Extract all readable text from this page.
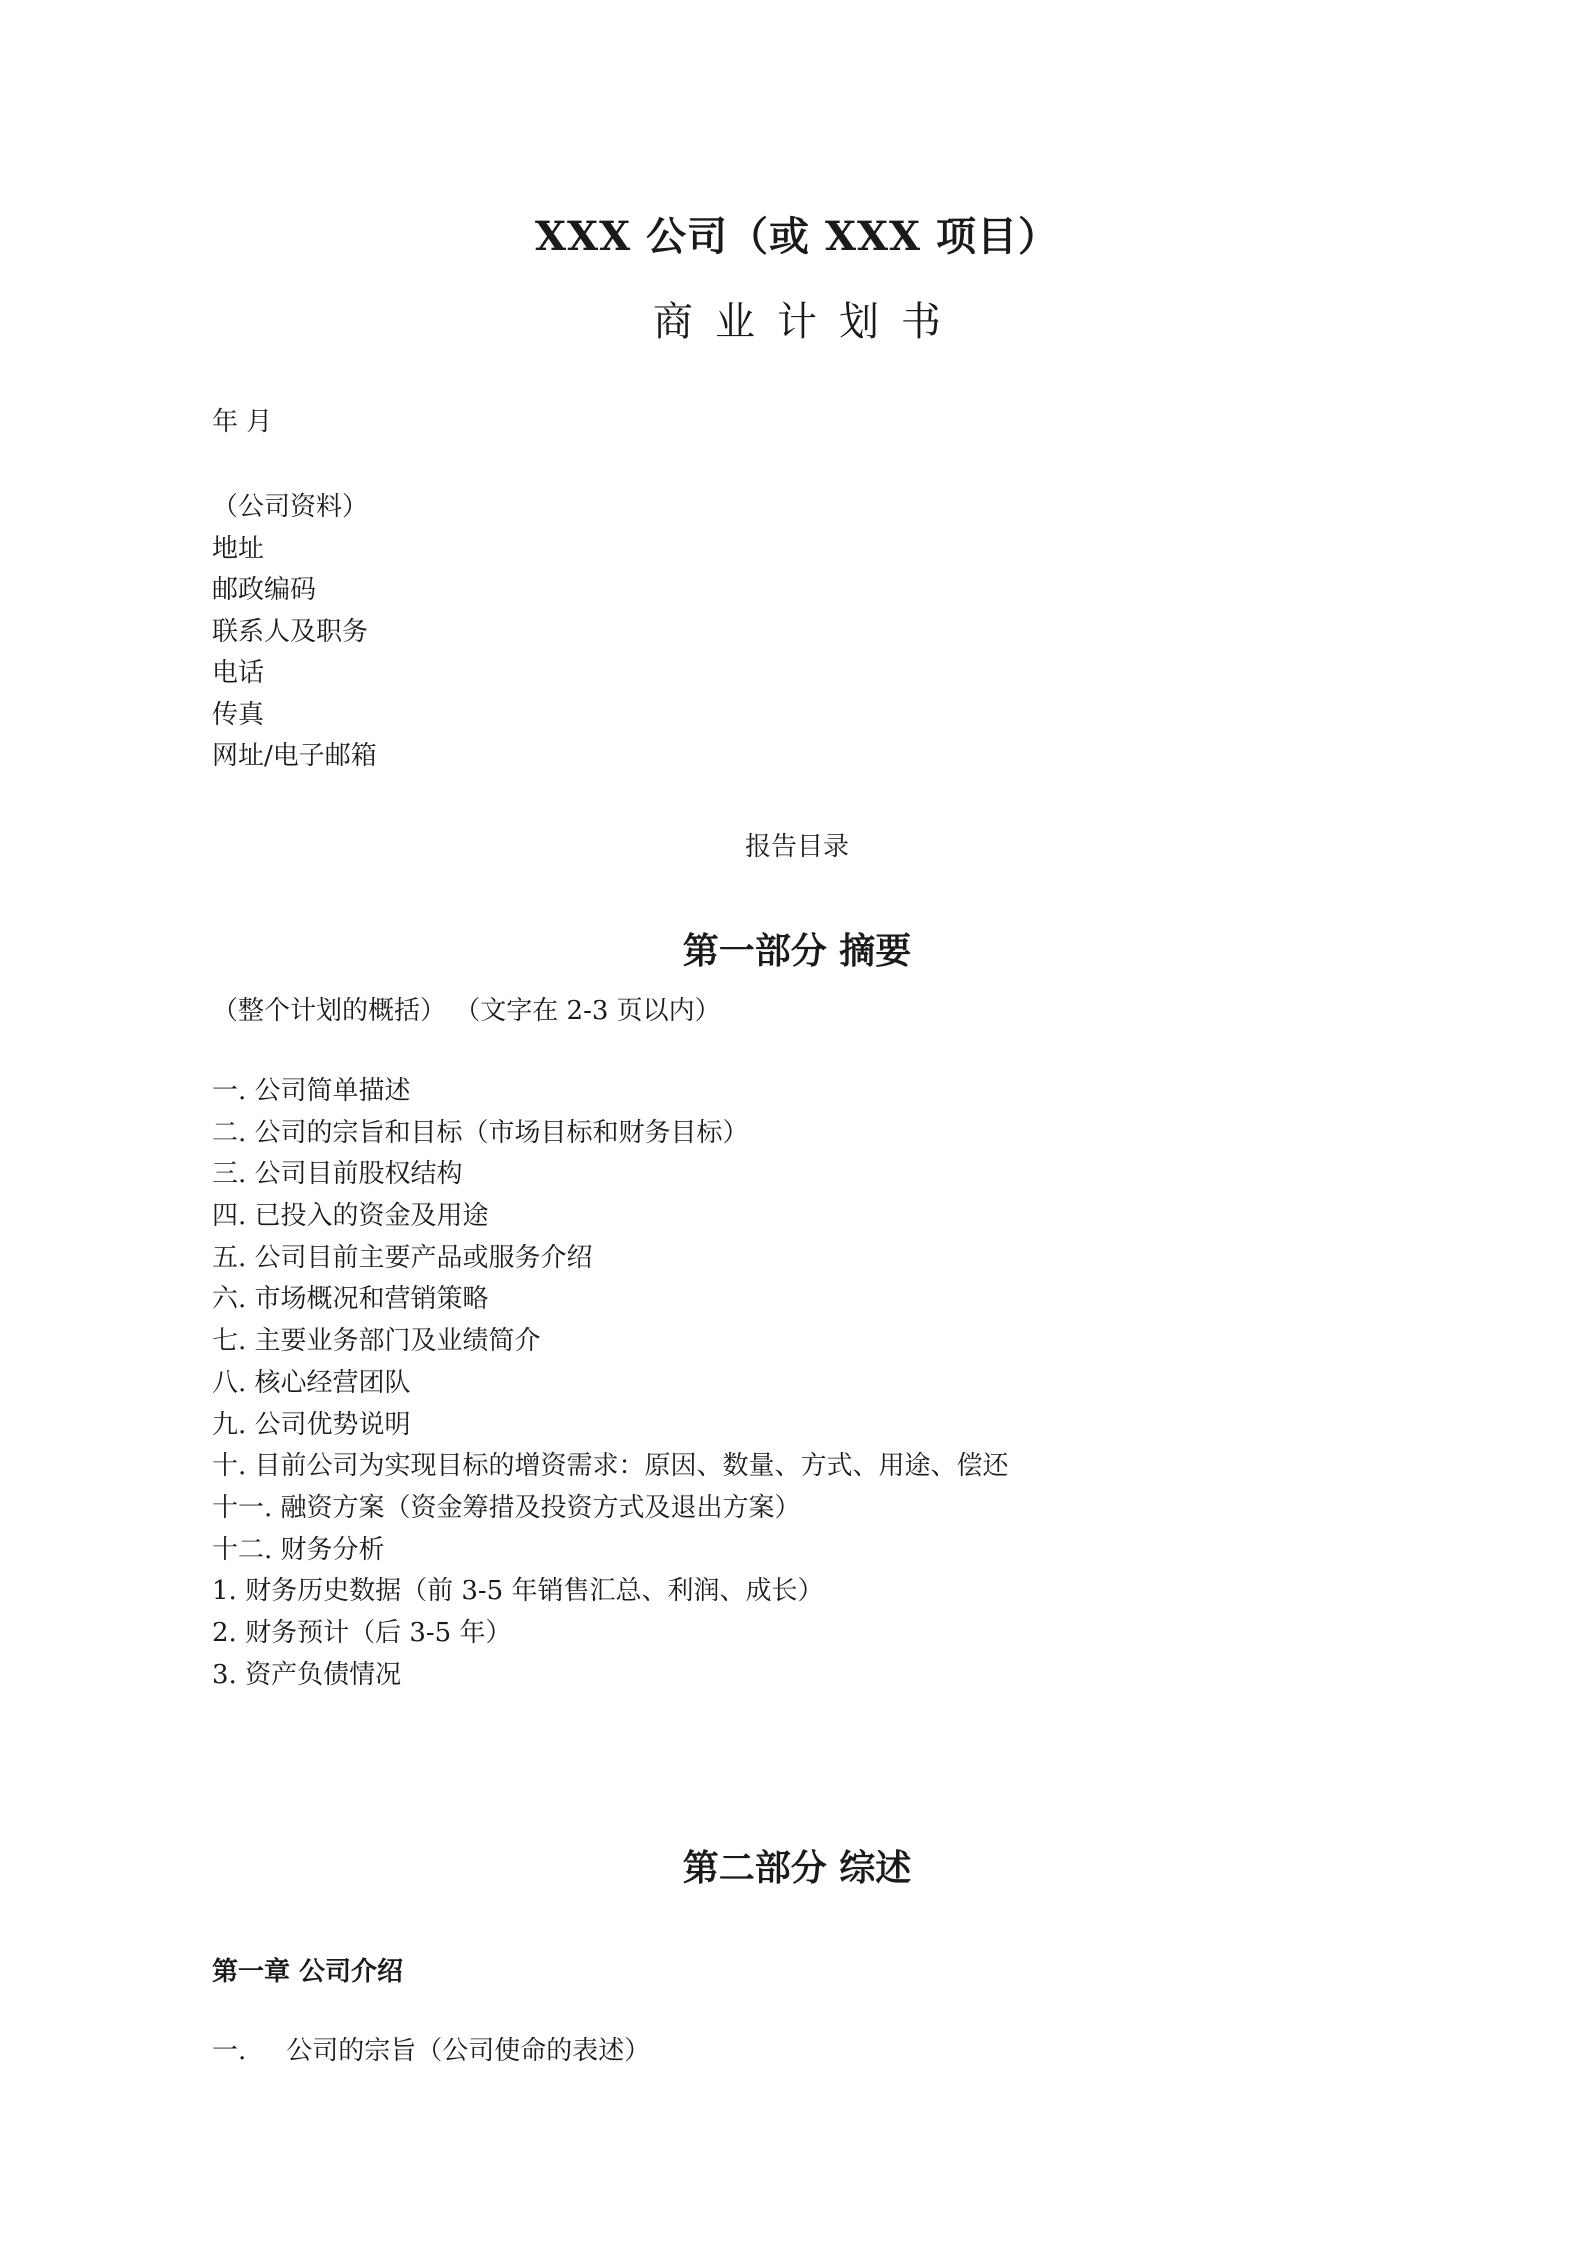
XXX 公司（或 XXX 项目）
商业计划书
年 月
（公司资料）
地址
邮政编码
联系人及职务
电话
传真
网址/电子邮箱
报告目录
第一部分 摘要
（整个计划的概括） （文字在 2-3 页以内）
一. 公司简单描述
二. 公司的宗旨和目标（市场目标和财务目标）
三. 公司目前股权结构
四. 已投入的资金及用途
五. 公司目前主要产品或服务介绍
六. 市场概况和营销策略
七. 主要业务部门及业绩简介
八. 核心经营团队
九. 公司优势说明
十. 目前公司为实现目标的增资需求：原因、数量、方式、用途、偿还
十一. 融资方案（资金筹措及投资方式及退出方案）
十二. 财务分析
1. 财务历史数据（前 3-5 年销售汇总、利润、成长）
2. 财务预计（后 3-5 年）
3. 资产负债情况
第二部分 综述
第一章 公司介绍
一. 公司的宗旨（公司使命的表述）
